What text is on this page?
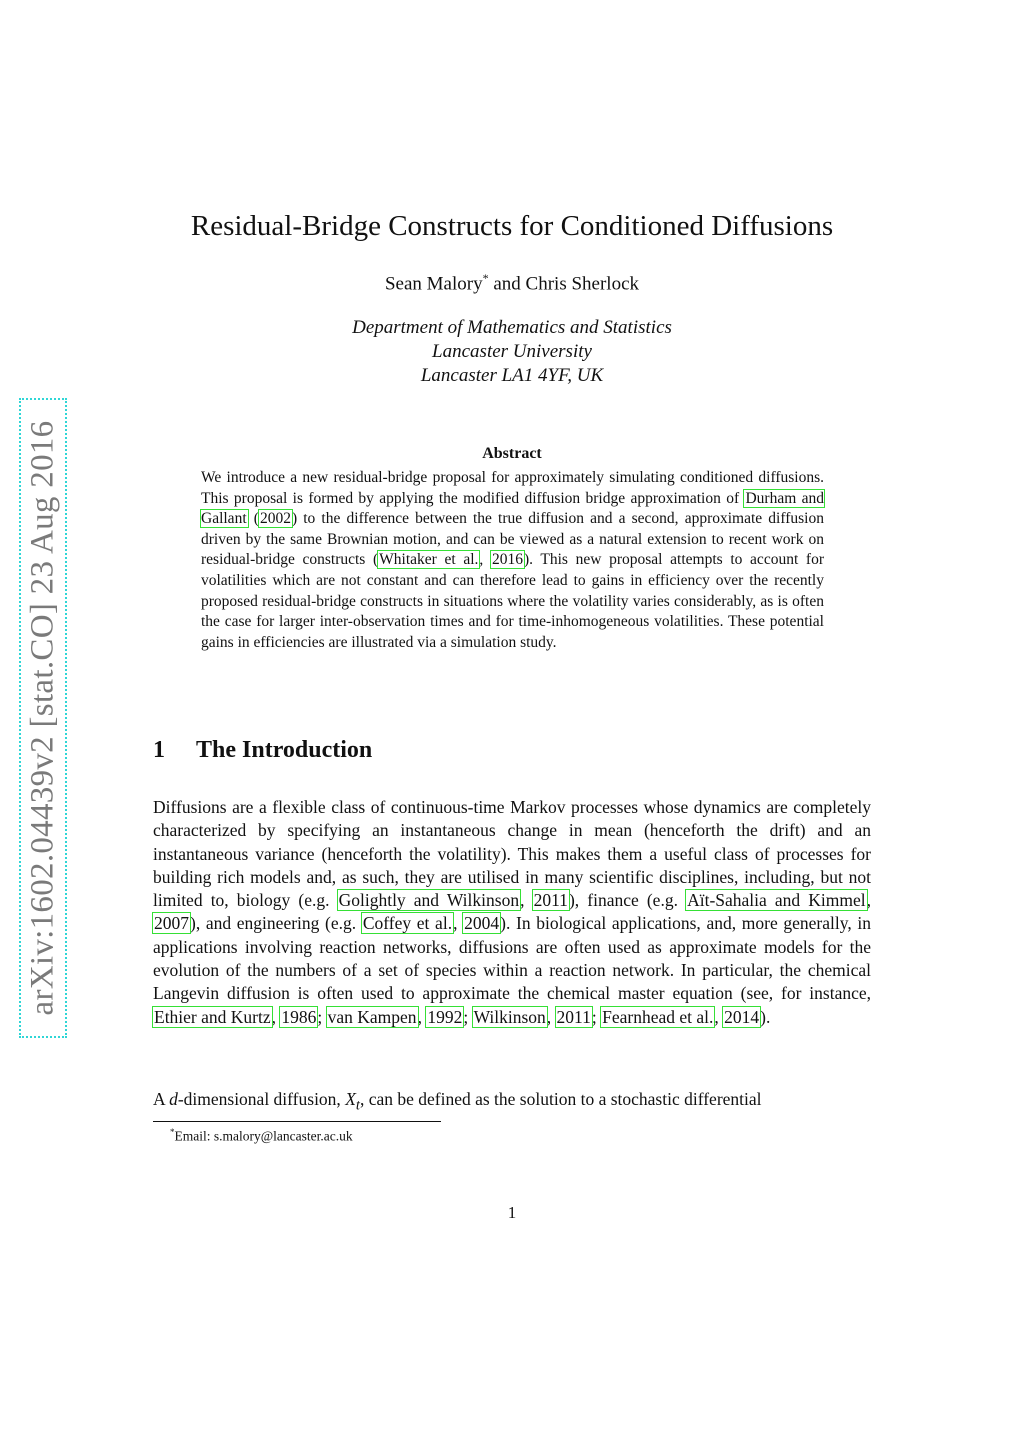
arXiv:1602.04439v2 [stat.CO] 23 Aug 2016
Residual-Bridge Constructs for Conditioned Diffusions
Sean Malory* and Chris Sherlock
Department of Mathematics and Statistics
Lancaster University
Lancaster LA1 4YF, UK
Abstract
We introduce a new residual-bridge proposal for approximately simulating conditioned diffusions. This proposal is formed by applying the modified diffusion bridge approximation of Durham and Gallant (2002) to the difference between the true diffusion and a second, approximate diffusion driven by the same Brownian motion, and can be viewed as a natural extension to recent work on residual-bridge constructs (Whitaker et al., 2016). This new proposal attempts to account for volatilities which are not constant and can therefore lead to gains in efficiency over the recently proposed residual-bridge constructs in situations where the volatility varies considerably, as is often the case for larger inter-observation times and for time-inhomogeneous volatilities. These potential gains in efficiencies are illustrated via a simulation study.
1 The Introduction
Diffusions are a flexible class of continuous-time Markov processes whose dynamics are completely characterized by specifying an instantaneous change in mean (henceforth the drift) and an instantaneous variance (henceforth the volatility). This makes them a useful class of processes for building rich models and, as such, they are utilised in many scientific disciplines, including, but not limited to, biology (e.g. Golightly and Wilkinson, 2011), finance (e.g. Aït-Sahalia and Kimmel, 2007), and engineering (e.g. Coffey et al., 2004). In biological applications, and, more generally, in applications involving reaction networks, diffusions are often used as approximate models for the evolution of the numbers of a set of species within a reaction network. In particular, the chemical Langevin diffusion is often used to approximate the chemical master equation (see, for instance, Ethier and Kurtz, 1986; van Kampen, 1992; Wilkinson, 2011; Fearnhead et al., 2014).
A d-dimensional diffusion, $X_t$, can be defined as the solution to a stochastic differential
*Email: s.malory@lancaster.ac.uk
1
